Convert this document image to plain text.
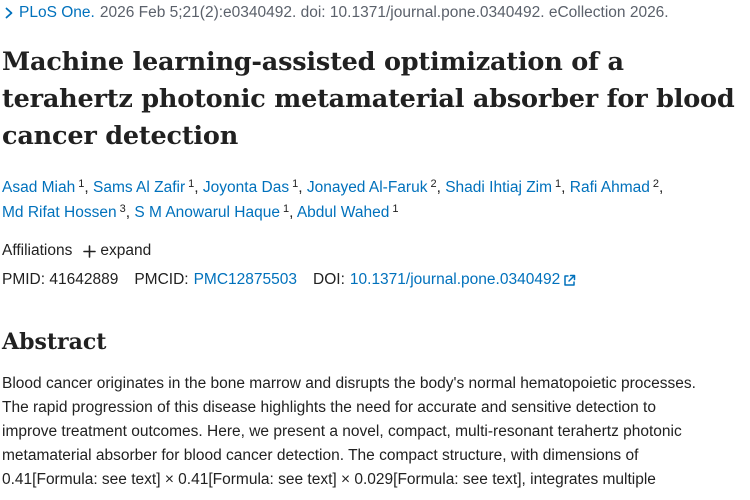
PLoS One. 2026 Feb 5;21(2):e0340492. doi: 10.1371/journal.pone.0340492. eCollection 2026.
Machine learning-assisted optimization of a terahertz photonic metamaterial absorber for blood cancer detection
Asad Miah $^1$, Sams Al Zafir $^1$, Joyonta Das $^1$, Jonayed Al-Faruk $^2$, Shadi Ihtiaj Zim $^1$, Rafi Ahmad $^2$, Md Rifat Hossen $^3$, S M Anowarul Haque $^1$, Abdul Wahed $^1$
Affiliations expand
PMID:
41642889 PMCID: PMC12875503 DOI: 10.1371/journal.pone.0340492
Abstract

Blood cancer originates in the bone marrow and disrupts the body's normal hematopoietic processes.
The rapid progression of this disease highlights the need for accurate and sensitive detection to
improve treatment outcomes. Here, we present a novel, compact, multi-resonant terahertz photonic
metamaterial absorber for blood cancer detection. The compact structure, with dimensions of
0.41[Formula: see text] × 0.41[Formula: see text] × 0.029[Formula: see text], integrates multiple
